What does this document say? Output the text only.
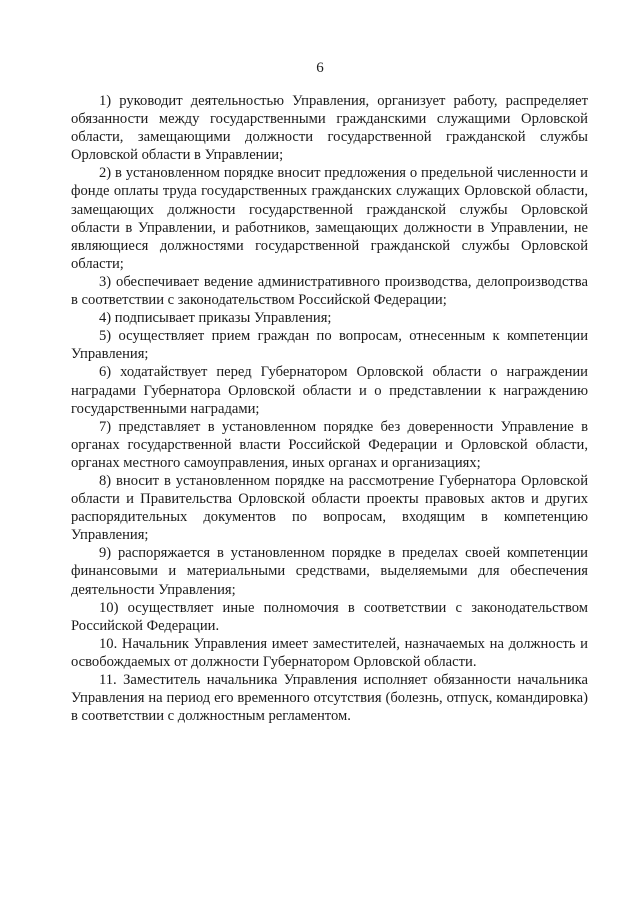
6

1) руководит деятельностью Управления, организует работу, распределяет обязанности между государственными гражданскими служащими Орловской области, замещающими должности государственной гражданской службы Орловской области в Управлении;

2) в установленном порядке вносит предложения о предельной численности и фонде оплаты труда государственных гражданских служащих Орловской области, замещающих должности государственной гражданской службы Орловской области в Управлении, и работников, замещающих должности в Управлении, не являющиеся должностями государственной гражданской службы Орловской области;

3) обеспечивает ведение административного производства, делопроизводства в соответствии с законодательством Российской Федерации;

4) подписывает приказы Управления;

5) осуществляет прием граждан по вопросам, отнесенным к компетенции Управления;

6) ходатайствует перед Губернатором Орловской области о награждении наградами Губернатора Орловской области и о представлении к награждению государственными наградами;

7) представляет в установленном порядке без доверенности Управление в органах государственной власти Российской Федерации и Орловской области, органах местного самоуправления, иных органах и организациях;

8) вносит в установленном порядке на рассмотрение Губернатора Орловской области и Правительства Орловской области проекты правовых актов и других распорядительных документов по вопросам, входящим в компетенцию Управления;

9) распоряжается в установленном порядке в пределах своей компетенции финансовыми и материальными средствами, выделяемыми для обеспечения деятельности Управления;

10) осуществляет иные полномочия в соответствии с законодательством Российской Федерации.

10. Начальник Управления имеет заместителей, назначаемых на должность и освобождаемых от должности Губернатором Орловской области.

11. Заместитель начальника Управления исполняет обязанности начальника Управления на период его временного отсутствия (болезнь, отпуск, командировка) в соответствии с должностным регламентом.
